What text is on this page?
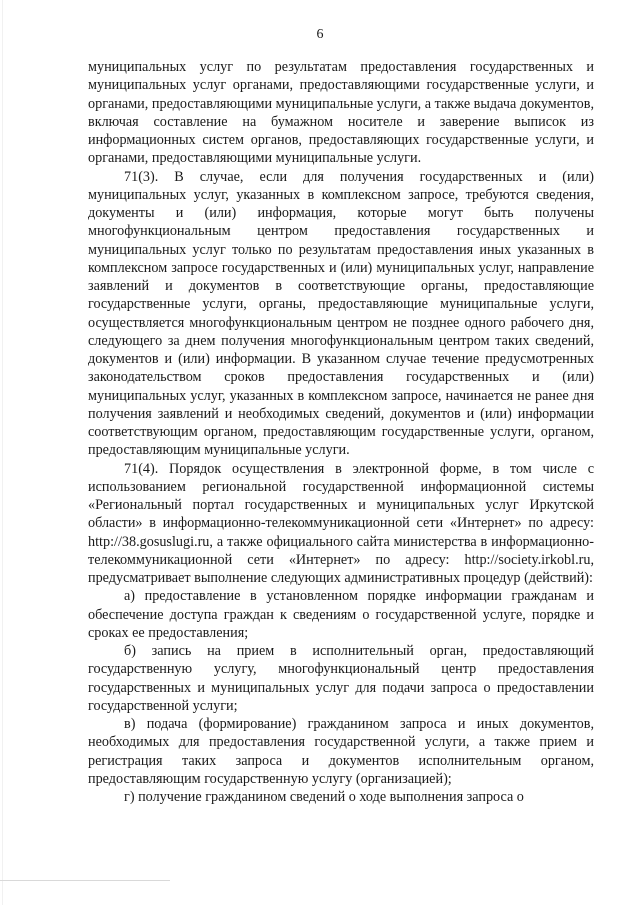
6

муниципальных услуг по результатам предоставления государственных и муниципальных услуг органами, предоставляющими государственные услуги, и органами, предоставляющими муниципальные услуги, а также выдача документов, включая составление на бумажном носителе и заверение выписок из информационных систем органов, предоставляющих государственные услуги, и органами, предоставляющими муниципальные услуги.

71(3). В случае, если для получения государственных и (или) муниципальных услуг, указанных в комплексном запросе, требуются сведения, документы и (или) информация, которые могут быть получены многофункциональным центром предоставления государственных и муниципальных услуг только по результатам предоставления иных указанных в комплексном запросе государственных и (или) муниципальных услуг, направление заявлений и документов в соответствующие органы, предоставляющие государственные услуги, органы, предоставляющие муниципальные услуги, осуществляется многофункциональным центром не позднее одного рабочего дня, следующего за днем получения многофункциональным центром таких сведений, документов и (или) информации. В указанном случае течение предусмотренных законодательством сроков предоставления государственных и (или) муниципальных услуг, указанных в комплексном запросе, начинается не ранее дня получения заявлений и необходимых сведений, документов и (или) информации соответствующим органом, предоставляющим государственные услуги, органом, предоставляющим муниципальные услуги.

71(4). Порядок осуществления в электронной форме, в том числе с использованием региональной государственной информационной системы «Региональный портал государственных и муниципальных услуг Иркутской области» в информационно-телекоммуникационной сети «Интернет» по адресу: http://38.gosuslugi.ru, а также официального сайта министерства в информационно-телекоммуникационной сети «Интернет» по адресу: http://society.irkobl.ru, предусматривает выполнение следующих административных процедур (действий):

а) предоставление в установленном порядке информации гражданам и обеспечение доступа граждан к сведениям о государственной услуге, порядке и сроках ее предоставления;

б) запись на прием в исполнительный орган, предоставляющий государственную услугу, многофункциональный центр предоставления государственных и муниципальных услуг для подачи запроса о предоставлении государственной услуги;

в) подача (формирование) гражданином запроса и иных документов, необходимых для предоставления государственной услуги, а также прием и регистрация таких запроса и документов исполнительным органом, предоставляющим государственную услугу (организацией);

г) получение гражданином сведений о ходе выполнения запроса о
